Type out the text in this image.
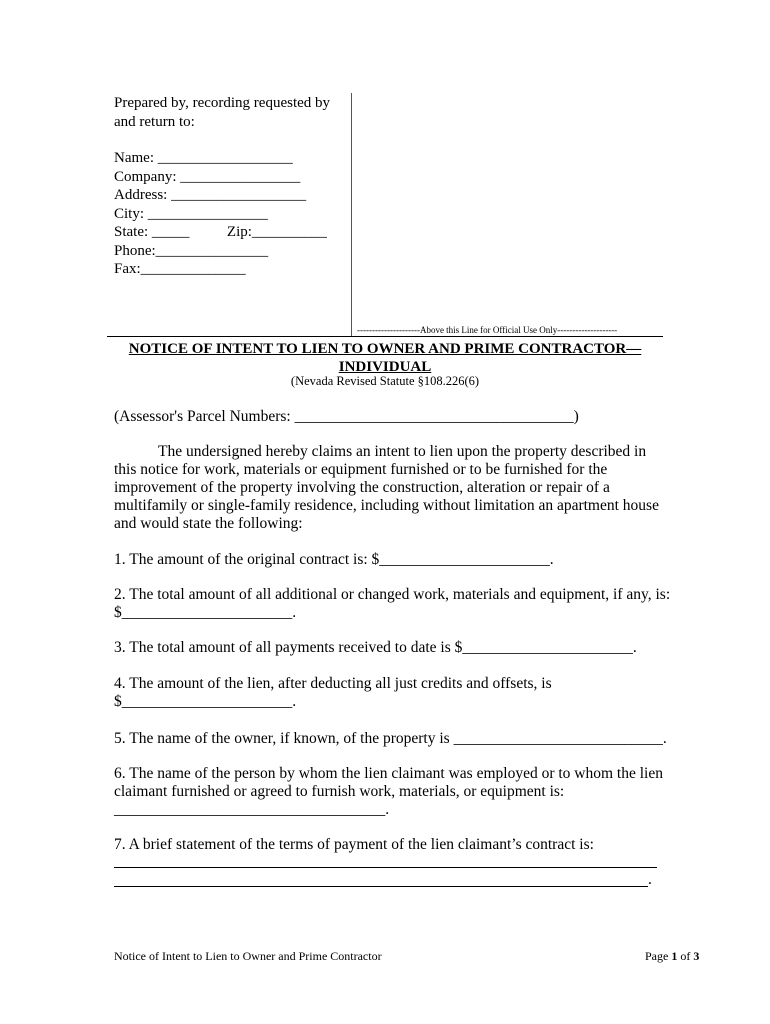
Prepared by, recording requested by
and return to:
Name: __________________
Company: ________________
Address: __________________
City: ________________
State: _____          Zip:__________
Phone:_______________
Fax:______________
---------------------Above this Line for Official Use Only--------------------
NOTICE OF INTENT TO LIEN TO OWNER AND PRIME CONTRACTOR—
INDIVIDUAL
(Nevada Revised Statute §108.226(6)
(Assessor's Parcel Numbers: ____________________________________)
The undersigned hereby claims an intent to lien upon the property described in this notice for work, materials or equipment furnished or to be furnished for the improvement of the property involving the construction, alteration or repair of a multifamily or single-family residence, including without limitation an apartment house and would state the following:
1. The amount of the original contract is: $______________________.
2. The total amount of all additional or changed work, materials and equipment, if any, is:
$______________________.
3. The total amount of all payments received to date is $______________________.
4. The amount of the lien, after deducting all just credits and offsets, is
$______________________.
5. The name of the owner, if known, of the property is ___________________________.
6. The name of the person by whom the lien claimant was employed or to whom the lien
claimant furnished or agreed to furnish work, materials, or equipment is:
___________________________________.
7. A brief statement of the terms of payment of the lien claimant’s contract is:
.
Notice of Intent to Lien to Owner and Prime Contractor	Page 1 of 3
